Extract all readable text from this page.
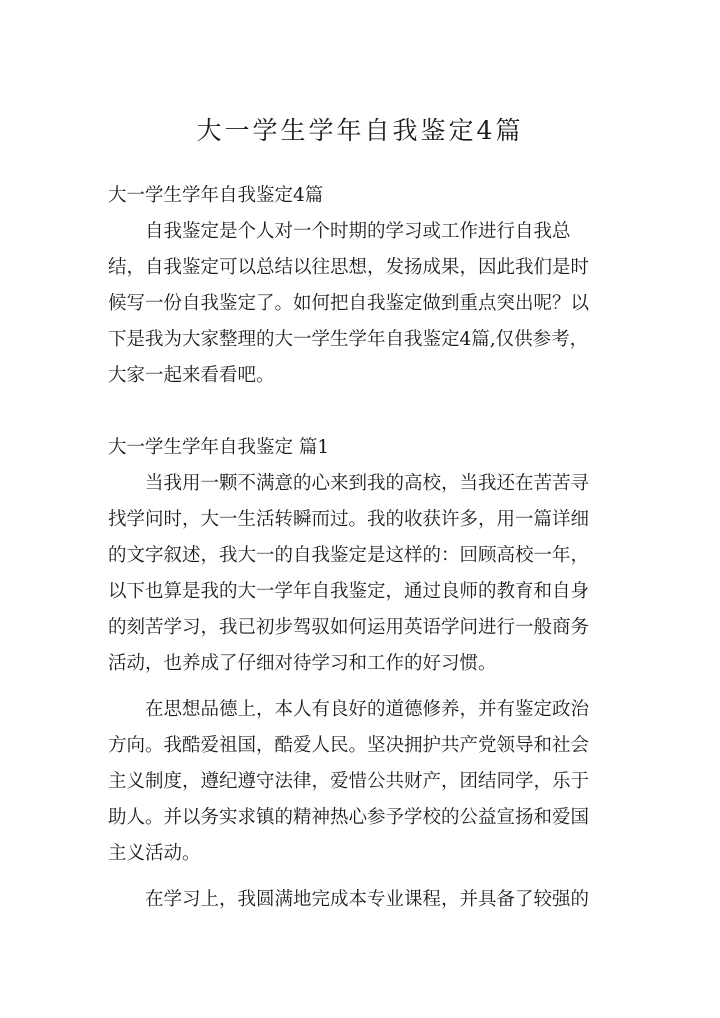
大一学生学年自我鉴定4篇

大一学生学年自我鉴定4篇

自我鉴定是个人对一个时期的学习或工作进行自我总

结，自我鉴定可以总结以往思想，发扬成果，因此我们是时

候写一份自我鉴定了。如何把自我鉴定做到重点突出呢？以

下是我为大家整理的大一学生学年自我鉴定4篇,仅供参考，

大家一起来看看吧。

大一学生学年自我鉴定 篇1

当我用一颗不满意的心来到我的高校，当我还在苦苦寻

找学问时，大一生活转瞬而过。我的收获许多，用一篇详细

的文字叙述，我大一的自我鉴定是这样的：回顾高校一年，

以下也算是我的大一学年自我鉴定，通过良师的教育和自身

的刻苦学习，我已初步驾驭如何运用英语学问进行一般商务

活动，也养成了仔细对待学习和工作的好习惯。

在思想品德上，本人有良好的道德修养，并有鉴定政治

方向。我酷爱祖国，酷爱人民。坚决拥护共产党领导和社会

主义制度，遵纪遵守法律，爱惜公共财产，团结同学，乐于

助人。并以务实求镇的精神热心参予学校的公益宣扬和爱国

主义活动。

在学习上，我圆满地完成本专业课程，并具备了较强的
